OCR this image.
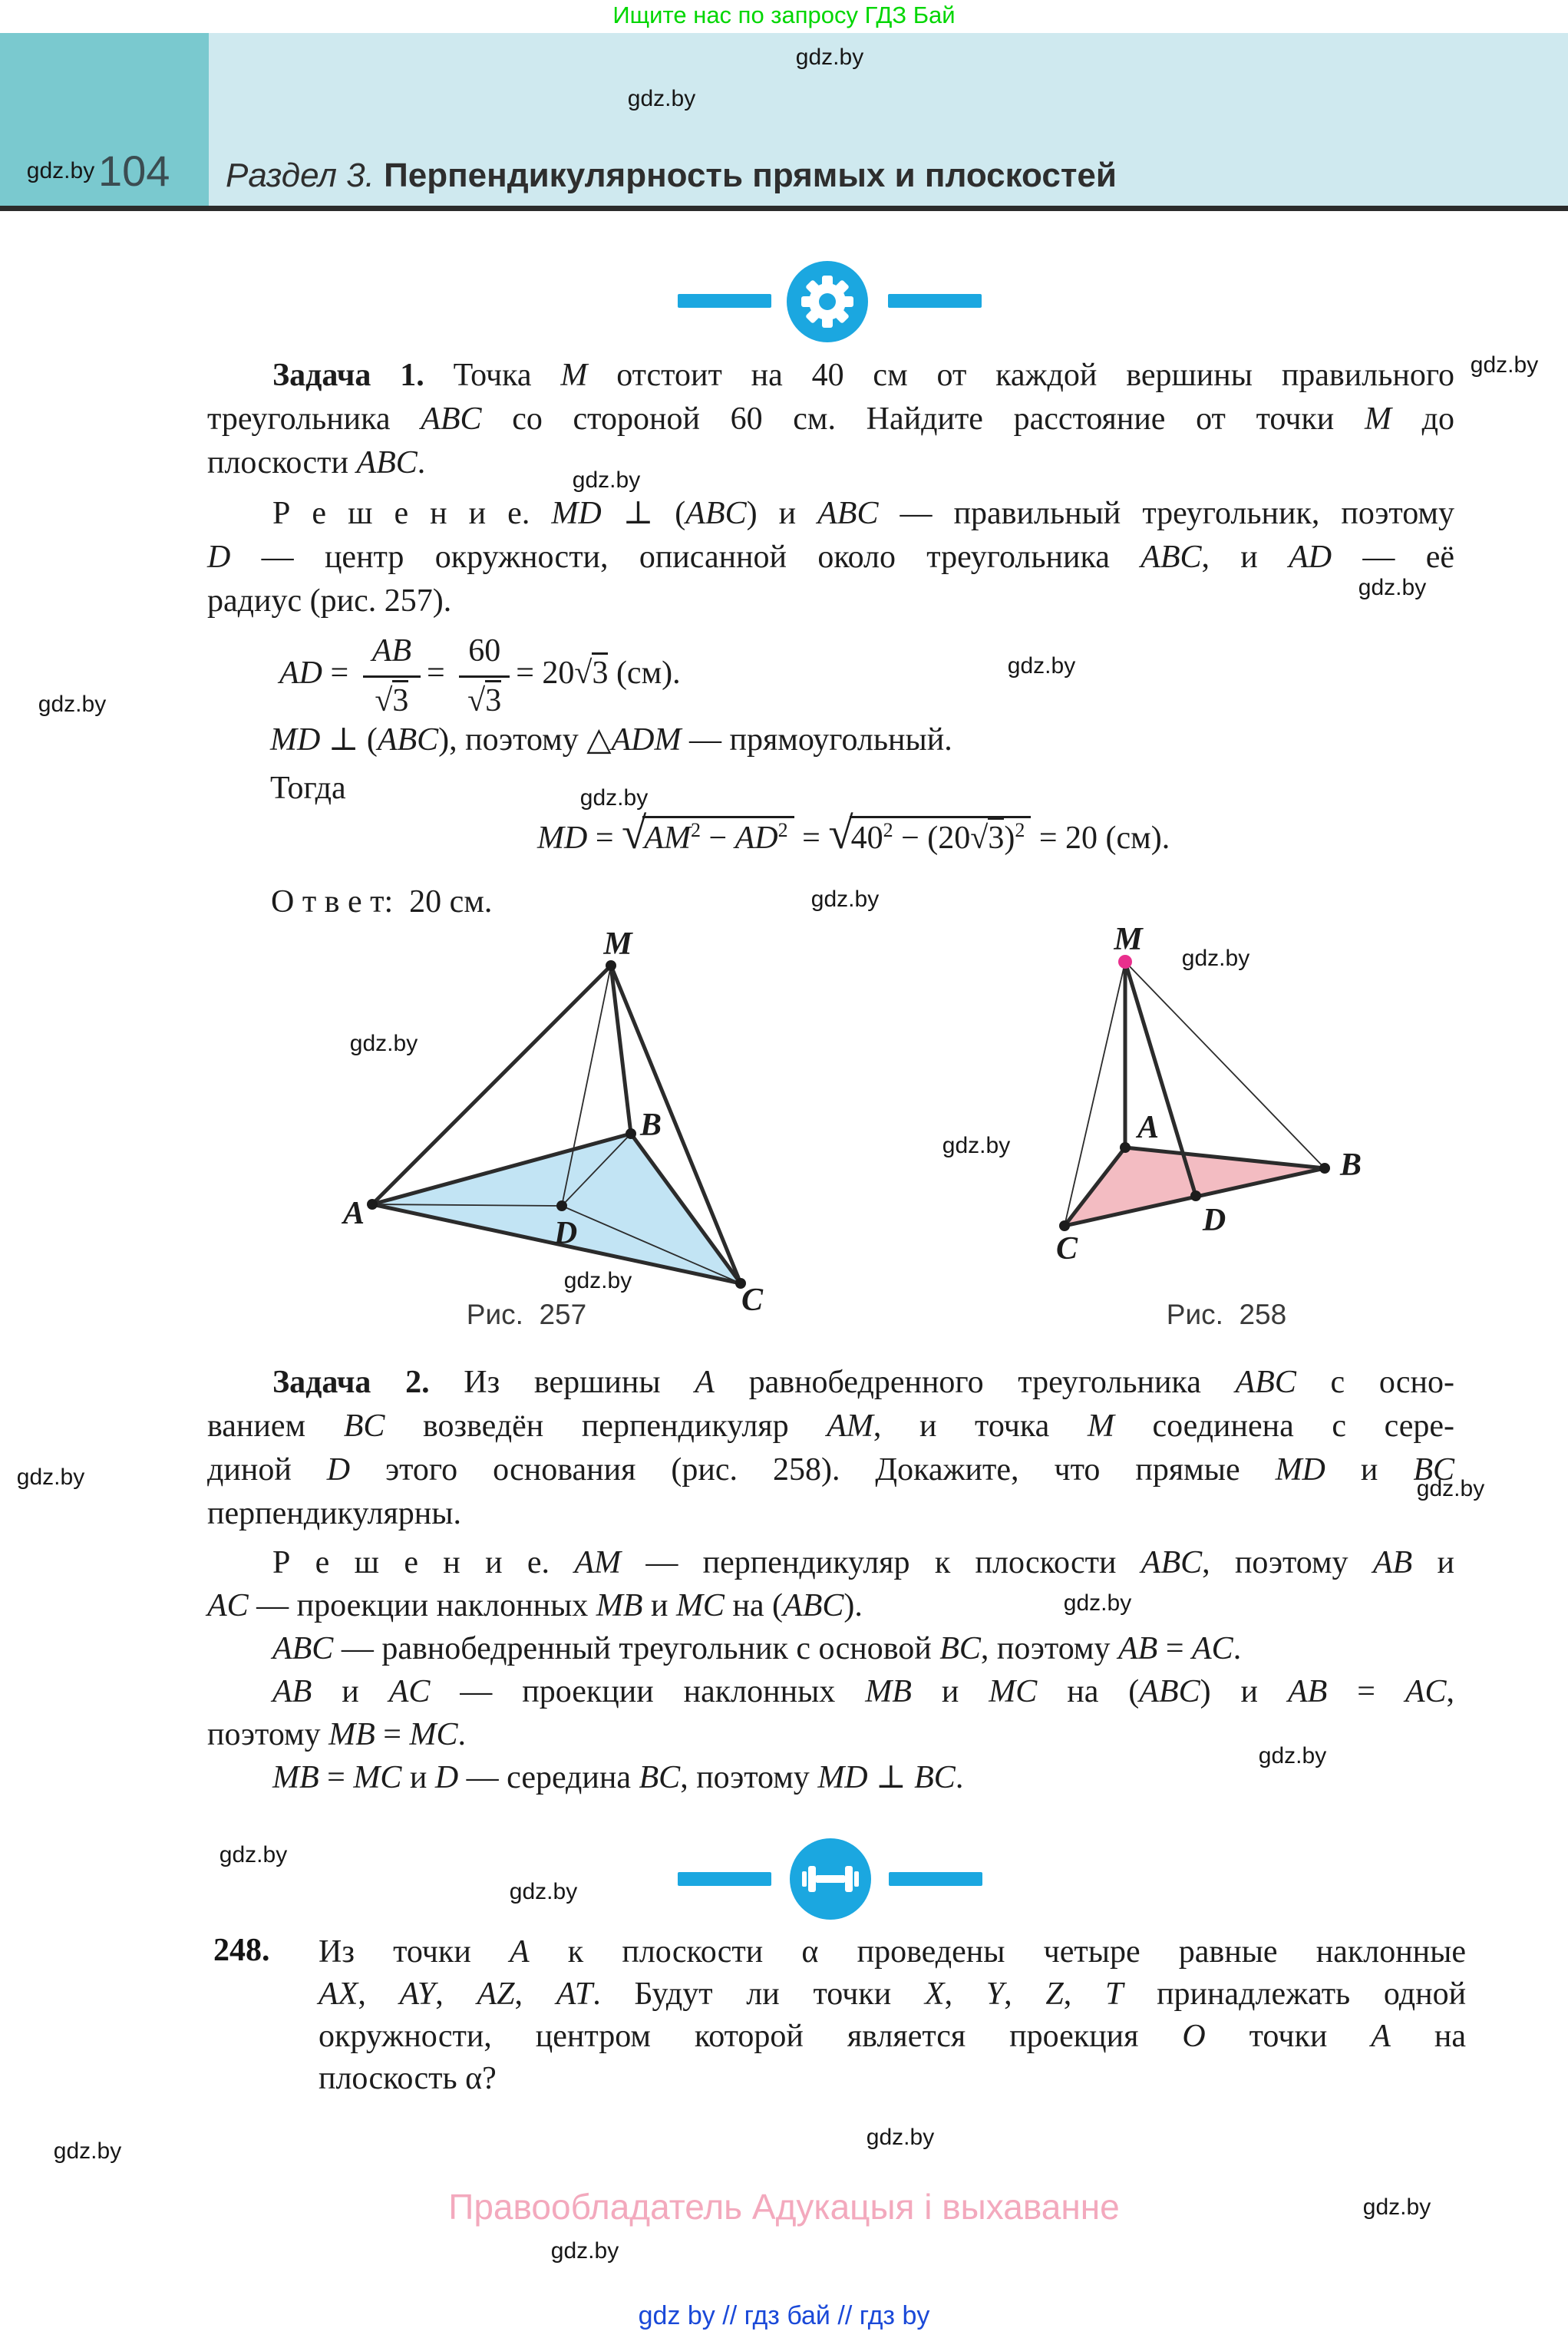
Ищите нас по запросу ГДЗ Бай
104 Раздел 3. Перпендикулярность прямых и плоскостей
Задача 1. Точка M отстоит на 40 см от каждой вершины правильного
треугольника ABC со стороной 60 см. Найдите расстояние от точки M до
плоскости ABC.
Р е ш е н и е. MD ⊥ (ABC) и ABC — правильный треугольник, поэтому
D — центр окружности, описанной около треугольника ABC, и AD — её
радиус (рис. 257).
AD = $\frac{AB}{√3} = \frac{60}{√3} = 20√3$ (см).
MD ⊥ (ABC), поэтому △ADM — прямоугольный.
Тогда
MD = $√AM^2 - AD^2 = √40^2 - (20√3)^2 = 20$ (см).
О т в е т:  20 см.
M
A
B
C
D
Рис.  257
M
A
B
C
D
Рис.  258
Задача 2. Из вершины A равнобедренного треугольника ABC с осно-
ванием BC возведён перпендикуляр AM, и точка M соединена с сере-
диной D этого основания (рис. 258). Докажите, что прямые MD и BC
перпендикулярны.
Р е ш е н и е. AM — перпендикуляр к плоскости ABC, поэтому AB и
AC — проекции наклонных MB и MC на (ABC).
ABC — равнобедренный треугольник с основой BC, поэтому AB = AC.
AB и AC — проекции наклонных MB и MC на (ABC) и AB = AC,
поэтому MB = MC.
MB = MC и D — середина BC, поэтому MD ⊥ BC.
248. Из точки A к плоскости α проведены четыре равные наклонные
AX, AY, AZ, AT. Будут ли точки X, Y, Z, T принадлежать одной
окружности, центром которой является проекция O точки A на
плоскость α?
Правообладатель Адукацыя і выхаванне
gdz by // гдз бай // гдз by
gdz.by
gdz.by
gdz.by
gdz.by
gdz.by
gdz.by
gdz.by
gdz.by
gdz.by
gdz.by
gdz.by
gdz.by
gdz.by
gdz.by
gdz.by
gdz.by
gdz.by
gdz.by
gdz.by
gdz.by
gdz.by
gdz.by
gdz.by
gdz.by
